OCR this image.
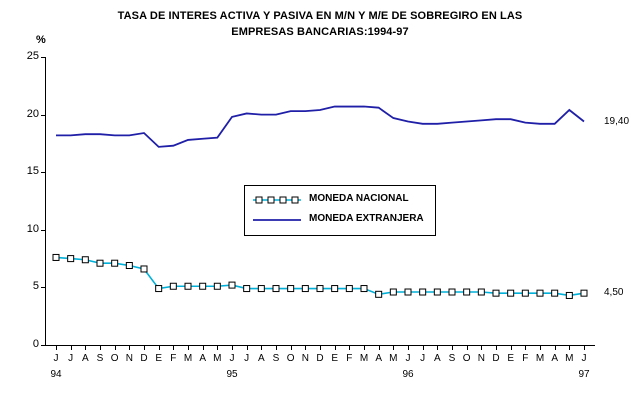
TASA DE INTERES ACTIVA Y PASIVA EN M/N Y M/E DE SOBREGIRO EN LAS
EMPRESAS BANCARIAS:1994-97
%
0
5
10
15
20
25
J J A S O N D E F M A M J J A S O N D E F M A M J J A S O N D E F M A M J
94	95	96	97
4,50
19,40
MONEDA NACIONAL
MONEDA EXTRANJERA
